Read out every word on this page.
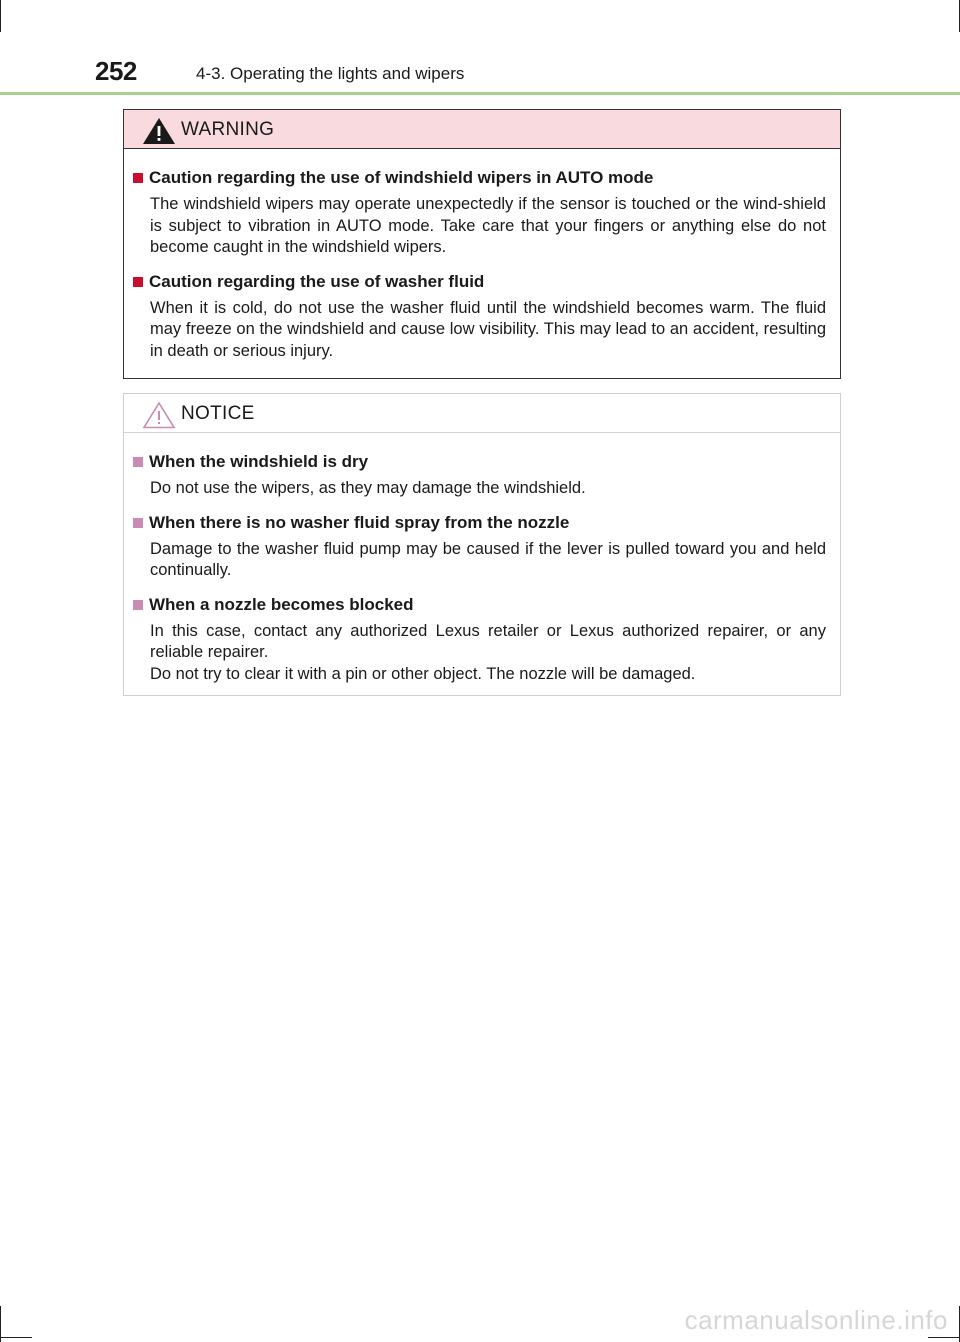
252	4-3. Operating the lights and wipers
WARNING
Caution regarding the use of windshield wipers in AUTO mode
The windshield wipers may operate unexpectedly if the sensor is touched or the wind-shield is subject to vibration in AUTO mode. Take care that your fingers or anything else do not become caught in the windshield wipers.
Caution regarding the use of washer fluid
When it is cold, do not use the washer fluid until the windshield becomes warm. The fluid may freeze on the windshield and cause low visibility. This may lead to an accident, resulting in death or serious injury.
NOTICE
When the windshield is dry
Do not use the wipers, as they may damage the windshield.
When there is no washer fluid spray from the nozzle
Damage to the washer fluid pump may be caused if the lever is pulled toward you and held continually.
When a nozzle becomes blocked

In this case, contact any authorized Lexus retailer or Lexus authorized repairer, or any reliable repairer.

Do not try to clear it with a pin or other object. The nozzle will be damaged.

carmanualsonline.info
